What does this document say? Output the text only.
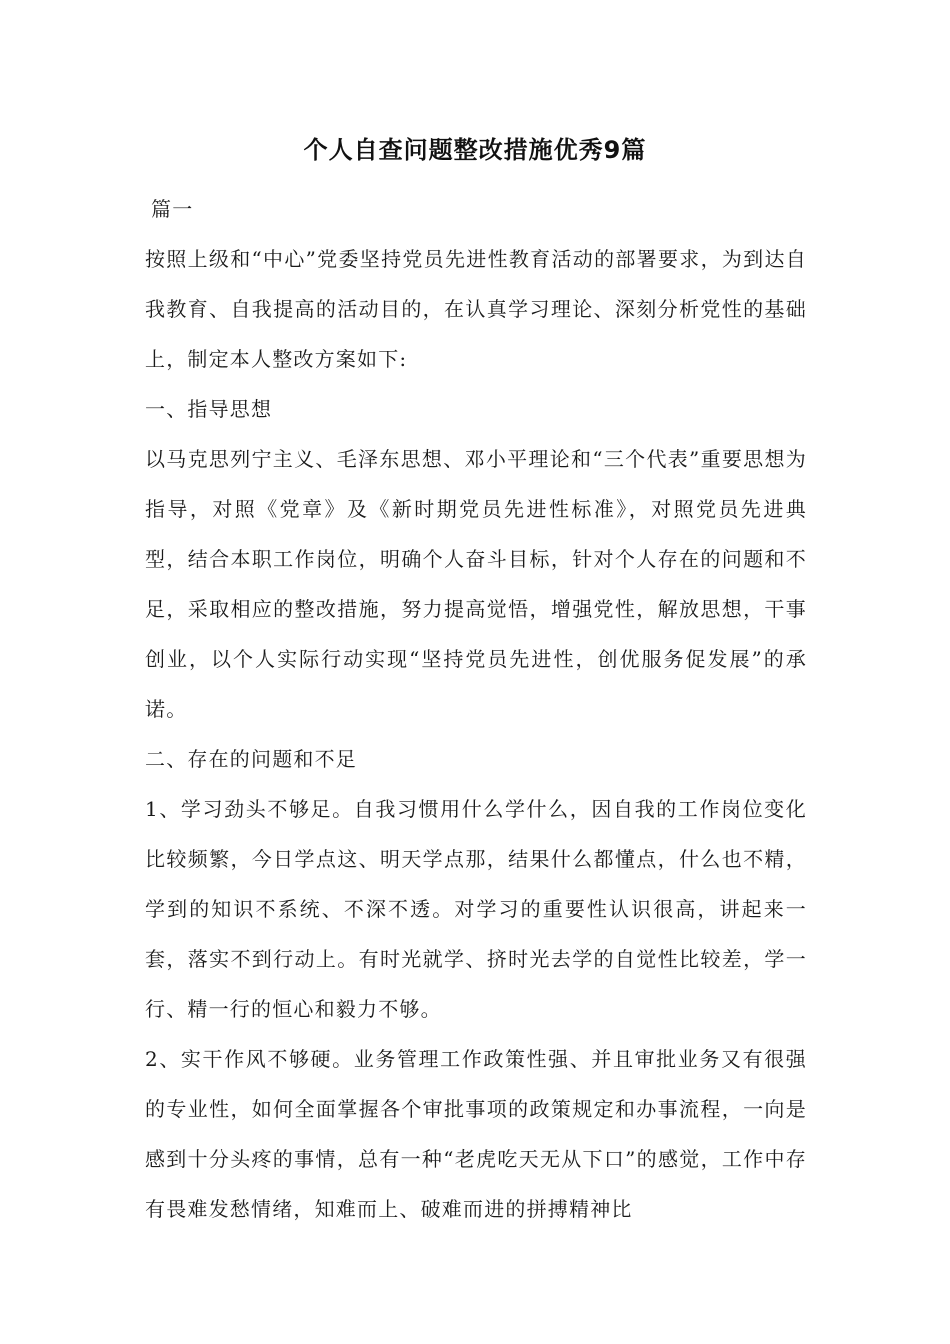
个人自查问题整改措施优秀9篇

篇一

按照上级和“中心”党委坚持党员先进性教育活动的部署要求，为到达自我教育、自我提高的活动目的，在认真学习理论、深刻分析党性的基础上，制定本人整改方案如下:

一、指导思想

以马克思列宁主义、毛泽东思想、邓小平理论和“三个代表”重要思想为指导，对照《党章》及《新时期党员先进性标准》，对照党员先进典型，结合本职工作岗位，明确个人奋斗目标，针对个人存在的问题和不足，采取相应的整改措施，努力提高觉悟，增强党性，解放思想，干事创业，以个人实际行动实现“坚持党员先进性，创优服务促发展”的承诺。

二、存在的问题和不足

1、学习劲头不够足。自我习惯用什么学什么，因自我的工作岗位变化比较频繁，今日学点这、明天学点那，结果什么都懂点，什么也不精，学到的知识不系统、不深不透。对学习的重要性认识很高，讲起来一套，落实不到行动上。有时光就学、挤时光去学的自觉性比较差，学一行、精一行的恒心和毅力不够。

2、实干作风不够硬。业务管理工作政策性强、并且审批业务又有很强的专业性，如何全面掌握各个审批事项的政策规定和办事流程，一向是感到十分头疼的事情，总有一种“老虎吃天无从下口”的感觉，工作中存有畏难发愁情绪，知难而上、破难而进的拼搏精神比
